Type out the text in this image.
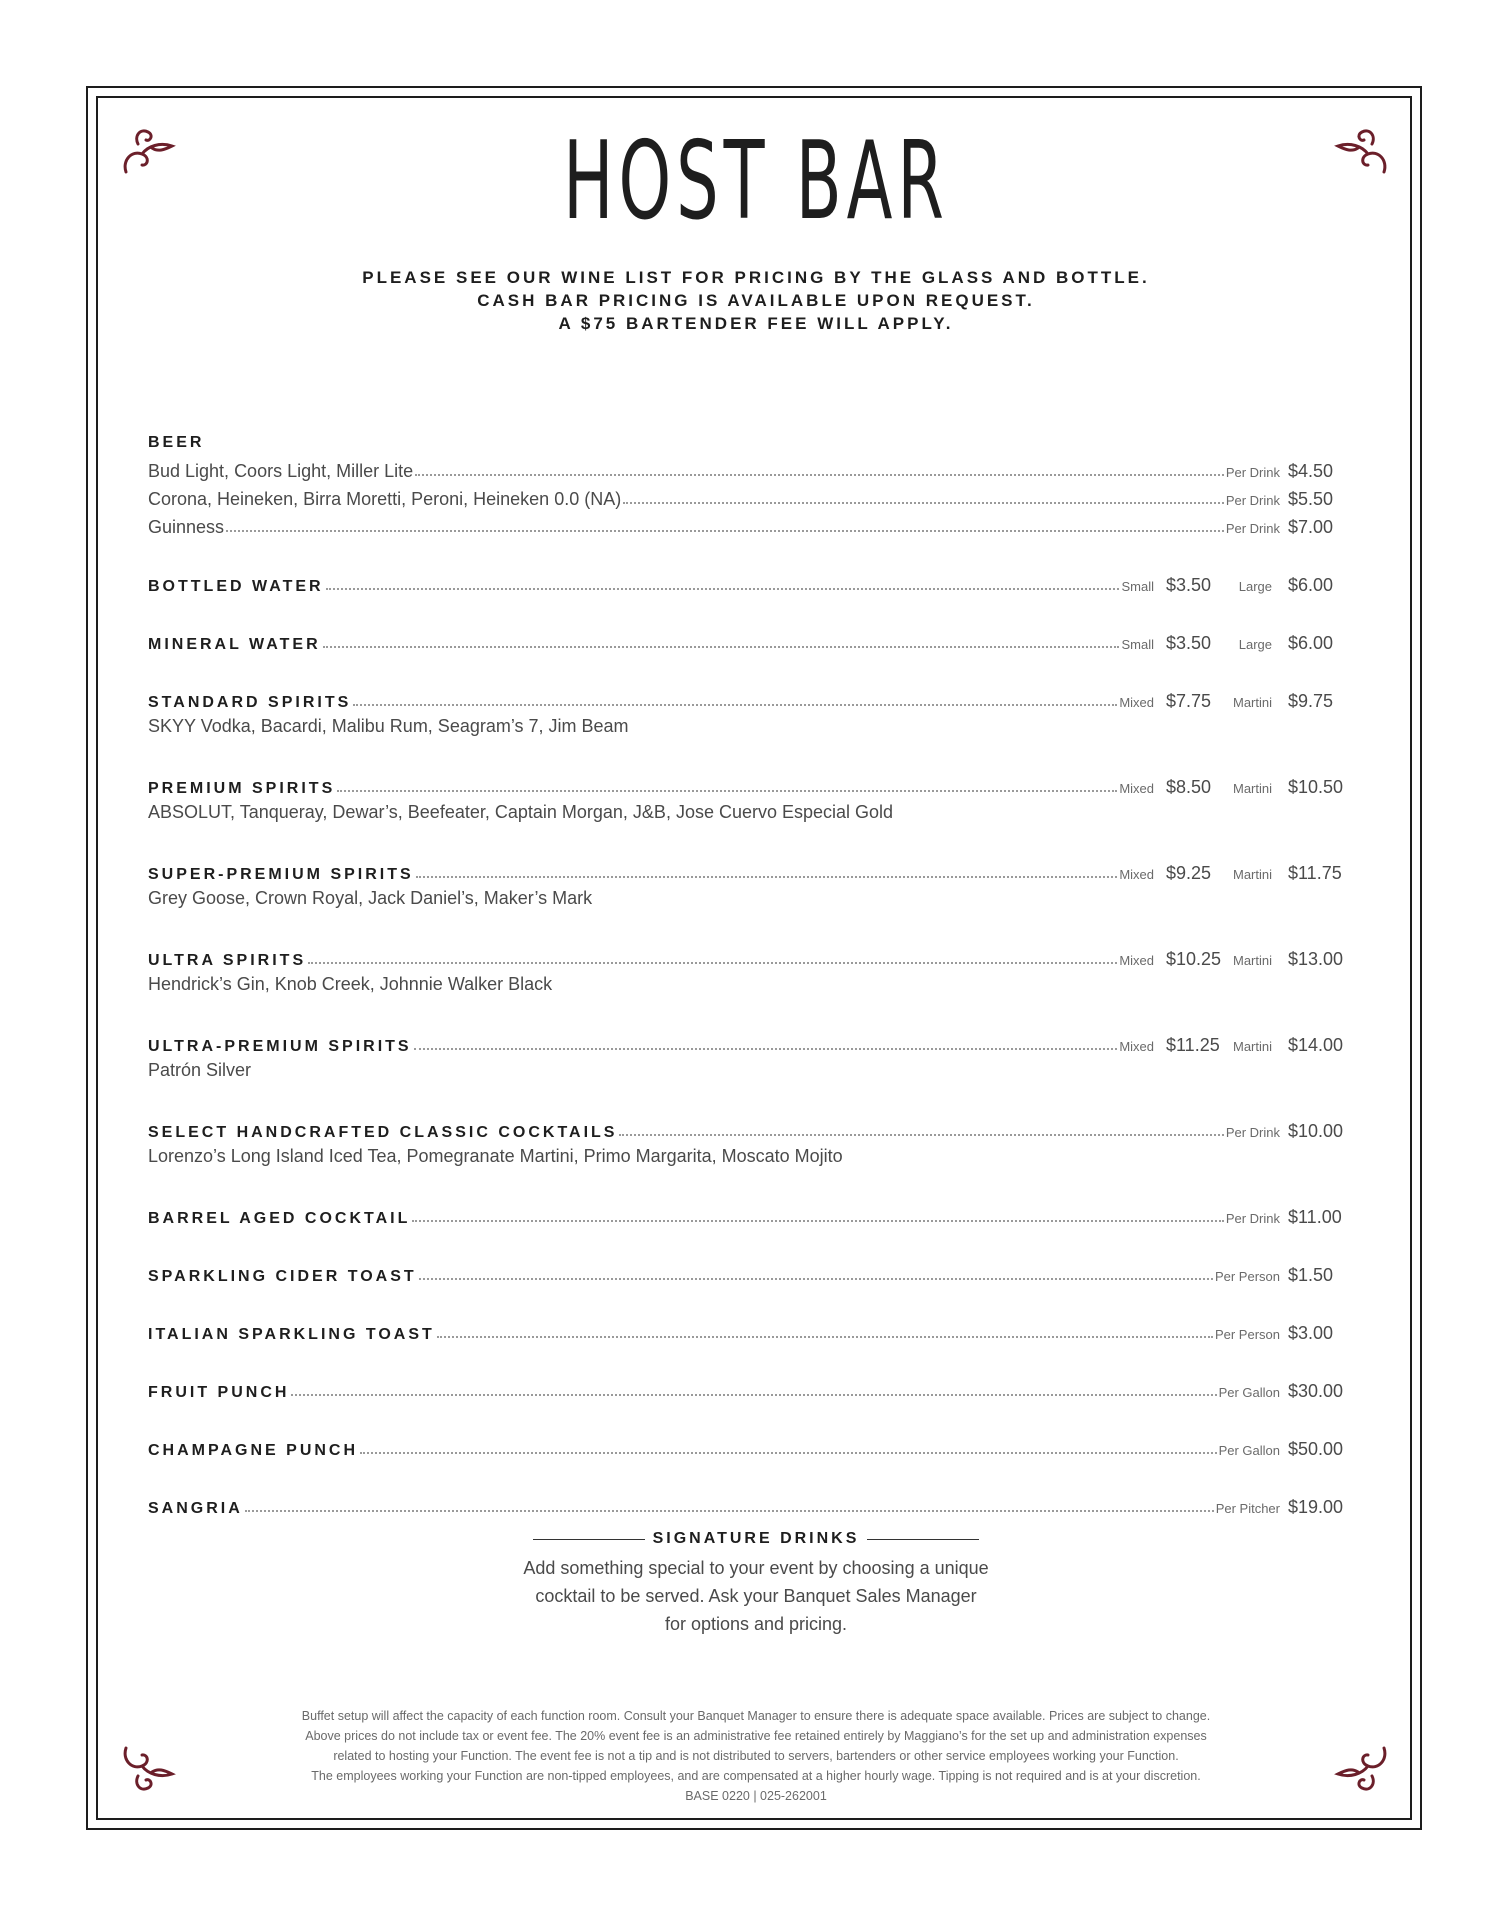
HOST BAR
PLEASE SEE OUR WINE LIST FOR PRICING BY THE GLASS AND BOTTLE.
CASH BAR PRICING IS AVAILABLE UPON REQUEST.
A $75 BARTENDER FEE WILL APPLY.
BEER
Bud Light, Coors Light, Miller Lite	Per Drink $4.50
Corona, Heineken, Birra Moretti, Peroni, Heineken 0.0 (NA)	Per Drink $5.50
Guinness	Per Drink $7.00
BOTTLED WATER	Small $3.50	Large $6.00
MINERAL WATER	Small $3.50	Large $6.00
STANDARD SPIRITS	Mixed $7.75	Martini $9.75
SKYY Vodka, Bacardi, Malibu Rum, Seagram’s 7, Jim Beam
PREMIUM SPIRITS	Mixed $8.50	Martini $10.50
ABSOLUT, Tanqueray, Dewar’s, Beefeater, Captain Morgan, J&B, Jose Cuervo Especial Gold
SUPER-PREMIUM SPIRITS	Mixed $9.25	Martini $11.75
Grey Goose, Crown Royal, Jack Daniel’s, Maker’s Mark
ULTRA SPIRITS	Mixed $10.25 Martini $13.00
Hendrick’s Gin, Knob Creek, Johnnie Walker Black
ULTRA-PREMIUM SPIRITS	Mixed $11.25	Martini $14.00
Patrón Silver
SELECT HANDCRAFTED CLASSIC COCKTAILS	Per Drink $10.00
Lorenzo’s Long Island Iced Tea, Pomegranate Martini, Primo Margarita, Moscato Mojito
BARREL AGED COCKTAIL	Per Drink $11.00
SPARKLING CIDER TOAST	Per Person $1.50
ITALIAN SPARKLING TOAST	Per Person $3.00
FRUIT PUNCH	Per Gallon $30.00
CHAMPAGNE PUNCH	Per Gallon $50.00
SANGRIA	Per Pitcher $19.00
SIGNATURE DRINKS
Add something special to your event by choosing a unique
cocktail to be served. Ask your Banquet Sales Manager
for options and pricing.
Buffet setup will affect the capacity of each function room. Consult your Banquet Manager to ensure there is adequate space available. Prices are subject to change.
Above prices do not include tax or event fee. The 20% event fee is an administrative fee retained entirely by Maggiano’s for the set up and administration expenses
related to hosting your Function. The event fee is not a tip and is not distributed to servers, bartenders or other service employees working your Function.
The employees working your Function are non-tipped employees, and are compensated at a higher hourly wage. Tipping is not required and is at your discretion.
BASE 0220 | 025-262001
